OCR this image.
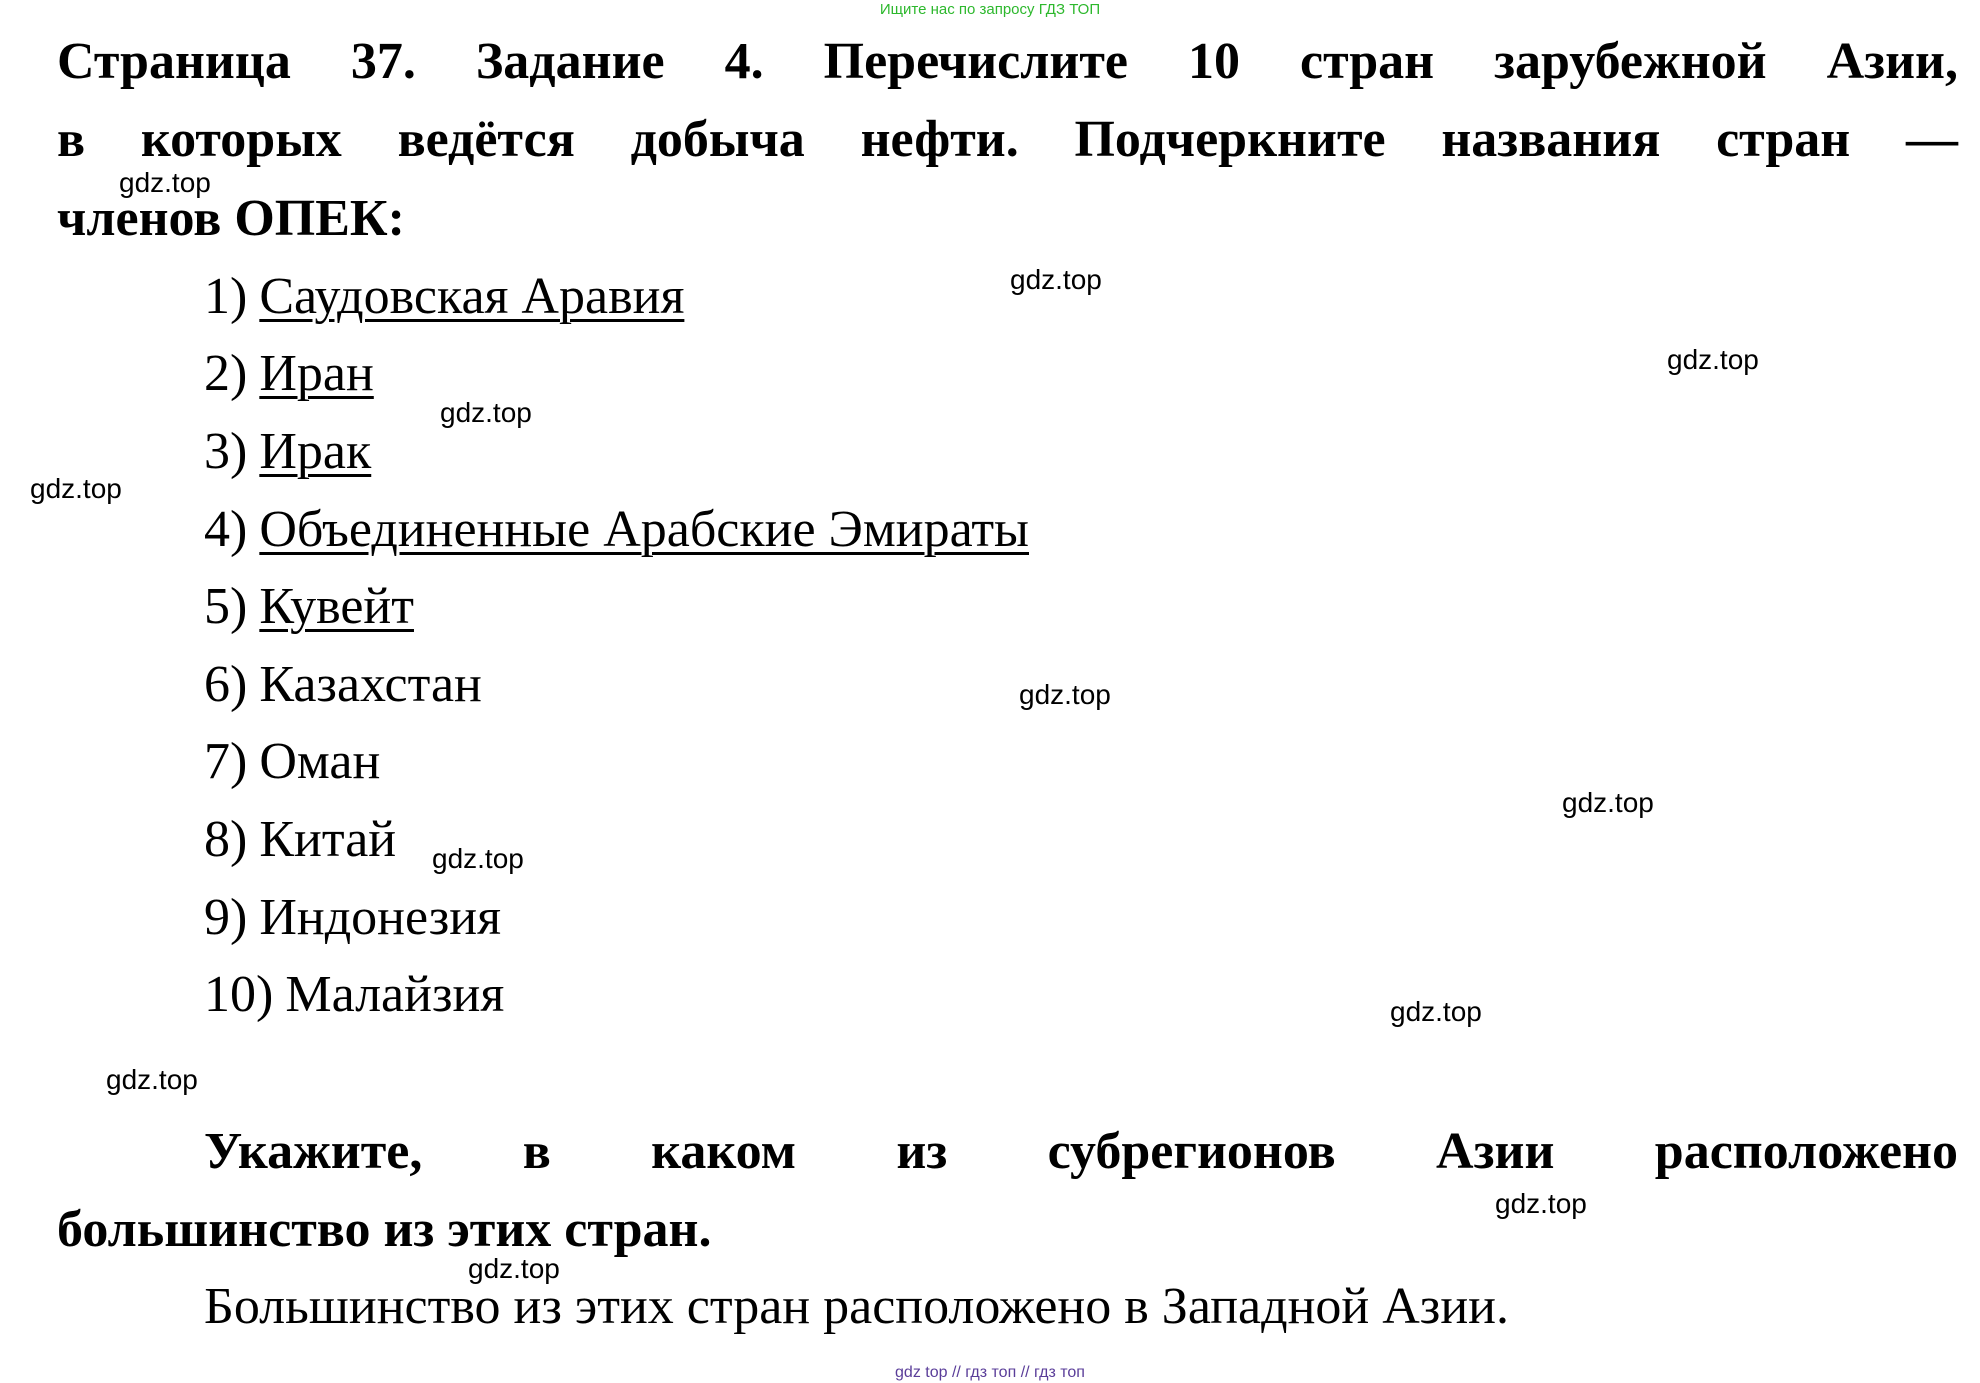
Ищите нас по запросу ГДЗ ТОП
Страница 37. Задание 4. Перечислите 10 стран зарубежной Азии,
в которых ведётся добыча нефти. Подчеркните названия стран —
членов ОПЕК:
1) Саудовская Аравия
2) Иран
3) Ирак
4) Объединенные Арабские Эмираты
5) Кувейт
6) Казахстан
7) Оман
8) Китай
9) Индонезия
10) Малайзия
Укажите, в каком из субрегионов Азии расположено
большинство из этих стран.
Большинство из этих стран расположено в Западной Азии.
gdz.top
gdz.top
gdz.top
gdz.top
gdz.top
gdz.top
gdz.top
gdz.top
gdz.top
gdz.top
gdz.top
gdz.top
gdz top // гдз топ // гдз топ
